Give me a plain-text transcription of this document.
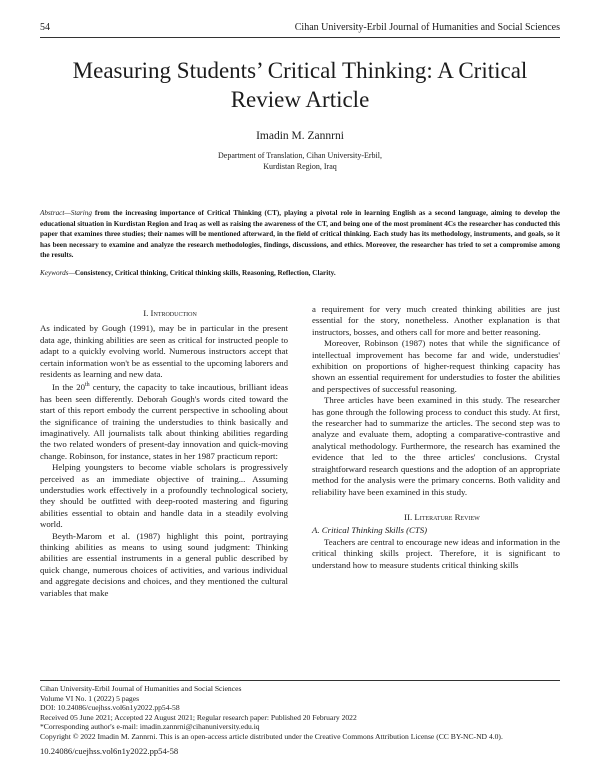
54	Cihan University-Erbil Journal of Humanities and Social Sciences
Measuring Students’ Critical Thinking: A Critical Review Article
Imadin M. Zannrni
Department of Translation, Cihan University-Erbil,
Kurdistan Region, Iraq
Abstract—Staring from the increasing importance of Critical Thinking (CT), playing a pivotal role in learning English as a second language, aiming to develop the educational situation in Kurdistan Region and Iraq as well as raising the awareness of the CT, and being one of the most prominent 4Cs the researcher has conducted this paper that examines three studies; their names will be mentioned afterward, in the field of critical thinking. Each study has its methodology, instruments, and goals, so it has been necessary to examine and analyze the research methodologies, findings, discussions, and ethics. Moreover, the researcher has tried to set a compromise among the results.
Keywords—Consistency, Critical thinking, Critical thinking skills, Reasoning, Reflection, Clarity.

I. Introduction

As indicated by Gough (1991), may be in particular in the present data age, thinking abilities are seen as critical for instructed people to adapt to a quickly evolving world. Numerous instructors accept that certain information won't be as essential to the upcoming laborers and residents as learning and new data.

In the 20th century, the capacity to take incautious, brilliant ideas has been seen differently. Deborah Gough's words cited toward the start of this report embody the current perspective in schooling about the significance of training the understudies to think basically and imaginatively. All journalists talk about thinking abilities regarding the two related wonders of present-day innovation and quick-moving change. Robinson, for instance, states in her 1987 practicum report:

Helping youngsters to become viable scholars is progressively perceived as an immediate objective of training... Assuming understudies work effectively in a profoundly technological society, they should be outfitted with deep-rooted mastering and figuring abilities essential to obtain and handle data in a steadily evolving world.

Beyth-Marom et al. (1987) highlight this point, portraying thinking abilities as means to using sound judgment: Thinking abilities are essential instruments in a general public described by quick change, numerous choices of activities, and various individual and aggregate decisions and choices, and they mentioned the cultural variables that make

a requirement for very much created thinking abilities are just essential for the story, nonetheless. Another explanation is that instructors, bosses, and others call for more and better reasoning.

Moreover, Robinson (1987) notes that while the significance of intellectual improvement has become far and wide, understudies' exhibition on proportions of higher-request thinking capacity has shown an essential requirement for understudies to foster the abilities and perspectives of successful reasoning.

Three articles have been examined in this study. The researcher has gone through the following process to conduct this study. At first, the researcher had to summarize the articles. The second step was to analyze and evaluate them, adopting a comparative-contrastive and analytical methodology. Furthermore, the research has examined the evidence that led to the three articles' conclusions. Crystal straightforward research questions and the adoption of an appropriate method for the analysis were the primary concerns. Both validity and reliability have been examined in this study.

II. Literature Review

A. Critical Thinking Skills (CTS)

Teachers are central to encourage new ideas and information in the critical thinking skills project. Therefore, it is significant to understand how to measure students critical thinking skills

Cihan University-Erbil Journal of Humanities and Social Sciences
Volume VI No. 1 (2022) 5 pages
DOI: 10.24086/cuejhss.vol6n1y2022.pp54-58
Received 05 June 2021; Accepted 22 August 2021; Regular research paper: Published 20 February 2022
*Corresponding author's e-mail: imadin.zannrni@cihanuniversity.edu.iq
Copyright © 2022 Imadin M. Zannrni. This is an open-access article distributed under the Creative Commons Attribution License (CC BY-NC-ND 4.0).
10.24086/cuejhss.vol6n1y2022.pp54-58
